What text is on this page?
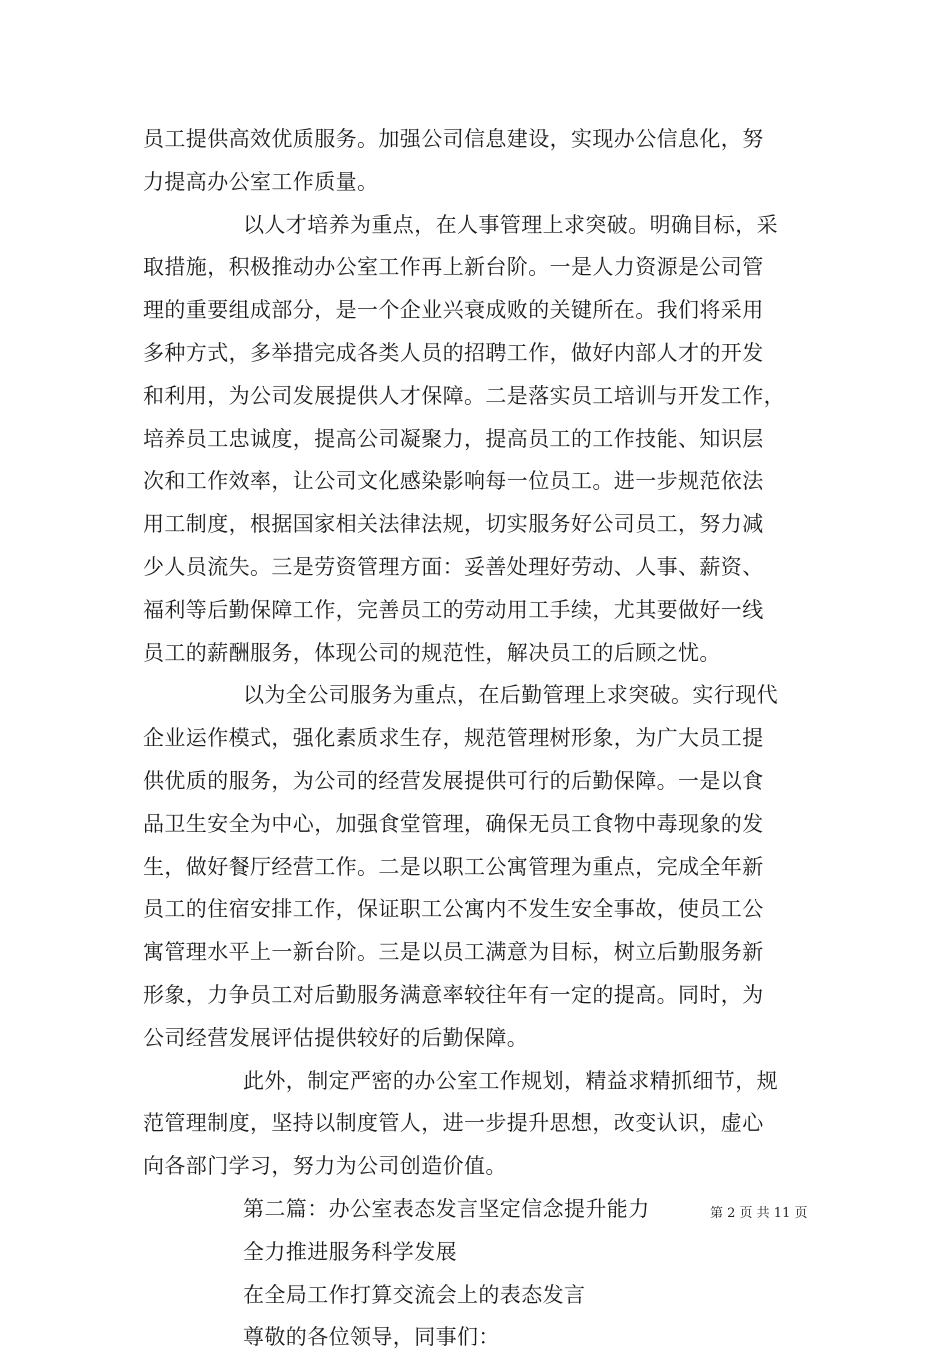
员工提供高效优质服务。加强公司信息建设，实现办公信息化，努
力提高办公室工作质量。
以人才培养为重点，在人事管理上求突破。明确目标，采
取措施，积极推动办公室工作再上新台阶。一是人力资源是公司管
理的重要组成部分，是一个企业兴衰成败的关键所在。我们将采用
多种方式，多举措完成各类人员的招聘工作，做好内部人才的开发
和利用，为公司发展提供人才保障。二是落实员工培训与开发工作，
培养员工忠诚度，提高公司凝聚力，提高员工的工作技能、知识层
次和工作效率，让公司文化感染影响每一位员工。进一步规范依法
用工制度，根据国家相关法律法规，切实服务好公司员工，努力减
少人员流失。三是劳资管理方面：妥善处理好劳动、人事、薪资、
福利等后勤保障工作，完善员工的劳动用工手续，尤其要做好一线
员工的薪酬服务，体现公司的规范性，解决员工的后顾之忧。
以为全公司服务为重点，在后勤管理上求突破。实行现代
企业运作模式，强化素质求生存，规范管理树形象，为广大员工提
供优质的服务，为公司的经营发展提供可行的后勤保障。一是以食
品卫生安全为中心，加强食堂管理，确保无员工食物中毒现象的发
生，做好餐厅经营工作。二是以职工公寓管理为重点，完成全年新
员工的住宿安排工作，保证职工公寓内不发生安全事故，使员工公
寓管理水平上一新台阶。三是以员工满意为目标，树立后勤服务新
形象，力争员工对后勤服务满意率较往年有一定的提高。同时，为
公司经营发展评估提供较好的后勤保障。
此外，制定严密的办公室工作规划，精益求精抓细节，规
范管理制度，坚持以制度管人，进一步提升思想，改变认识，虚心
向各部门学习，努力为公司创造价值。
第二篇：办公室表态发言坚定信念提升能力
全力推进服务科学发展
在全局工作打算交流会上的表态发言
尊敬的各位领导，同事们：
第 2 页 共 11 页
